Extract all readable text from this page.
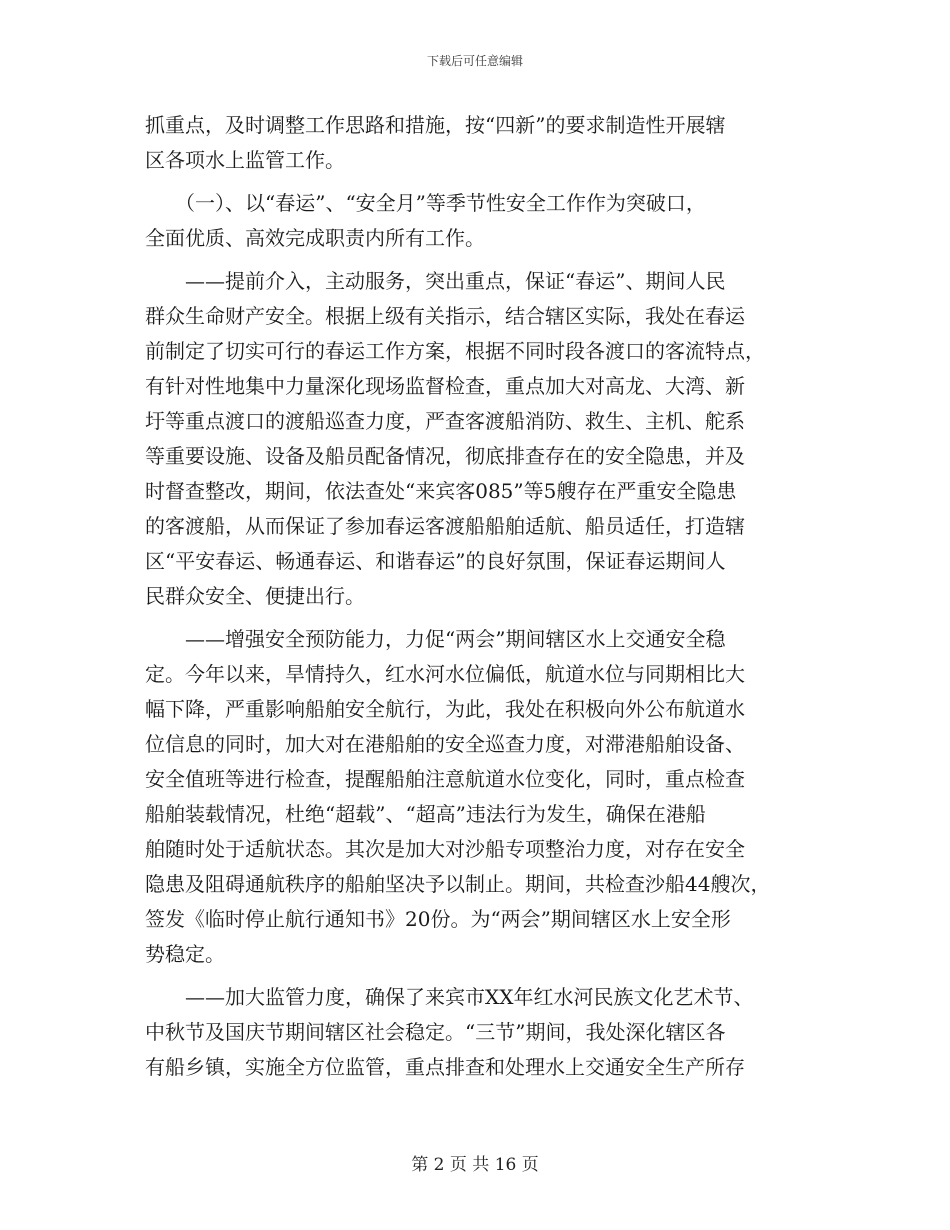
下载后可任意编辑
抓重点，及时调整工作思路和措施，按“四新”的要求制造性开展辖
区各项水上监管工作。
　　（一）、以“春运”、“安全月”等季节性安全工作作为突破口，
全面优质、高效完成职责内所有工作。
　　——提前介入，主动服务，突出重点，保证“春运”、期间人民
群众生命财产安全。根据上级有关指示，结合辖区实际，我处在春运
前制定了切实可行的春运工作方案，根据不同时段各渡口的客流特点，
有针对性地集中力量深化现场监督检查，重点加大对高龙、大湾、新
圩等重点渡口的渡船巡查力度，严查客渡船消防、救生、主机、舵系
等重要设施、设备及船员配备情况，彻底排查存在的安全隐患，并及
时督查整改，期间，依法查处“来宾客085”等5艘存在严重安全隐患
的客渡船，从而保证了参加春运客渡船船舶适航、船员适任，打造辖
区“平安春运、畅通春运、和谐春运”的良好氛围，保证春运期间人
民群众安全、便捷出行。
　　——增强安全预防能力，力促“两会”期间辖区水上交通安全稳
定。今年以来，旱情持久，红水河水位偏低，航道水位与同期相比大
幅下降，严重影响船舶安全航行，为此，我处在积极向外公布航道水
位信息的同时，加大对在港船舶的安全巡查力度，对滞港船舶设备、
安全值班等进行检查，提醒船舶注意航道水位变化，同时，重点检查
船舶装载情况，杜绝“超载”、“超高”违法行为发生，确保在港船
舶随时处于适航状态。其次是加大对沙船专项整治力度，对存在安全
隐患及阻碍通航秩序的船舶坚决予以制止。期间，共检查沙船44艘次，
签发《临时停止航行通知书》20份。为“两会”期间辖区水上安全形
势稳定。
　　——加大监管力度，确保了来宾市XX年红水河民族文化艺术节、
中秋节及国庆节期间辖区社会稳定。“三节”期间，我处深化辖区各
有船乡镇，实施全方位监管，重点排查和处理水上交通安全生产所存
第 2 页 共 16 页
